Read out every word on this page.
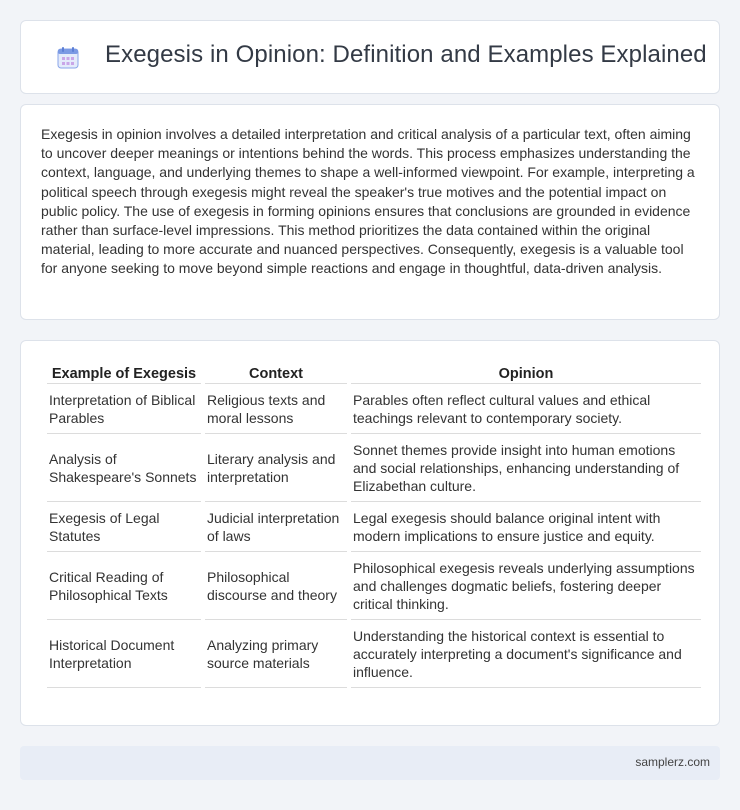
Exegesis in Opinion: Definition and Examples Explained

Exegesis in opinion involves a detailed interpretation and critical analysis of a particular text, often aiming to uncover deeper meanings or intentions behind the words. This process emphasizes understanding the context, language, and underlying themes to shape a well-informed viewpoint. For example, interpreting a political speech through exegesis might reveal the speaker's true motives and the potential impact on public policy. The use of exegesis in forming opinions ensures that conclusions are grounded in evidence rather than surface-level impressions. This method prioritizes the data contained within the original material, leading to more accurate and nuanced perspectives. Consequently, exegesis is a valuable tool for anyone seeking to move beyond simple reactions and engage in thoughtful, data-driven analysis.

Example of Exegesis	Context	Opinion
Interpretation of Biblical Parables	Religious texts and moral lessons	Parables often reflect cultural values and ethical teachings relevant to contemporary society.
Analysis of Shakespeare's Sonnets	Literary analysis and interpretation	Sonnet themes provide insight into human emotions and social relationships, enhancing understanding of Elizabethan culture.
Exegesis of Legal Statutes	Judicial interpretation of laws	Legal exegesis should balance original intent with modern implications to ensure justice and equity.
Critical Reading of Philosophical Texts	Philosophical discourse and theory	Philosophical exegesis reveals underlying assumptions and challenges dogmatic beliefs, fostering deeper critical thinking.
Historical Document Interpretation	Analyzing primary source materials	Understanding the historical context is essential to accurately interpreting a document's significance and influence.
samplerz.com
